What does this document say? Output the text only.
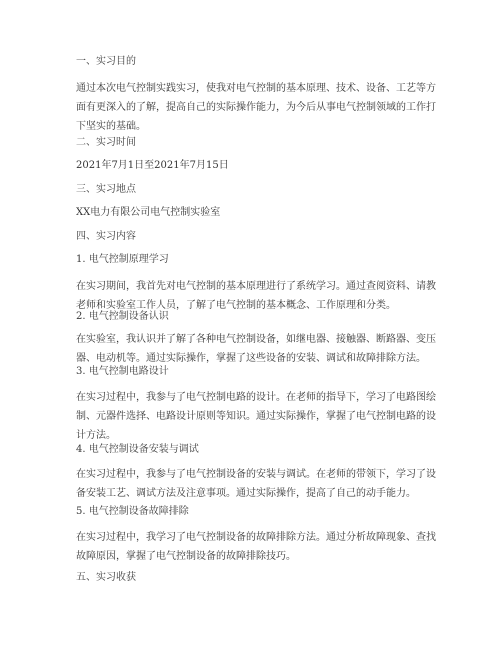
一、实习目的

通过本次电气控制实践实习，使我对电气控制的基本原理、技术、设备、工艺等方面有更深入的了解，提高自己的实际操作能力，为今后从事电气控制领域的工作打下坚实的基础。

二、实习时间

2021年7月1日至2021年7月15日

三、实习地点

XX电力有限公司电气控制实验室

四、实习内容

1. 电气控制原理学习

在实习期间，我首先对电气控制的基本原理进行了系统学习。通过查阅资料、请教老师和实验室工作人员，了解了电气控制的基本概念、工作原理和分类。

2. 电气控制设备认识

在实验室，我认识并了解了各种电气控制设备，如继电器、接触器、断路器、变压器、电动机等。通过实际操作，掌握了这些设备的安装、调试和故障排除方法。

3. 电气控制电路设计

在实习过程中，我参与了电气控制电路的设计。在老师的指导下，学习了电路图绘制、元器件选择、电路设计原则等知识。通过实际操作，掌握了电气控制电路的设计方法。

4. 电气控制设备安装与调试

在实习过程中，我参与了电气控制设备的安装与调试。在老师的带领下，学习了设备安装工艺、调试方法及注意事项。通过实际操作，提高了自己的动手能力。

5. 电气控制设备故障排除

在实习过程中，我学习了电气控制设备的故障排除方法。通过分析故障现象、查找故障原因，掌握了电气控制设备的故障排除技巧。

五、实习收获
